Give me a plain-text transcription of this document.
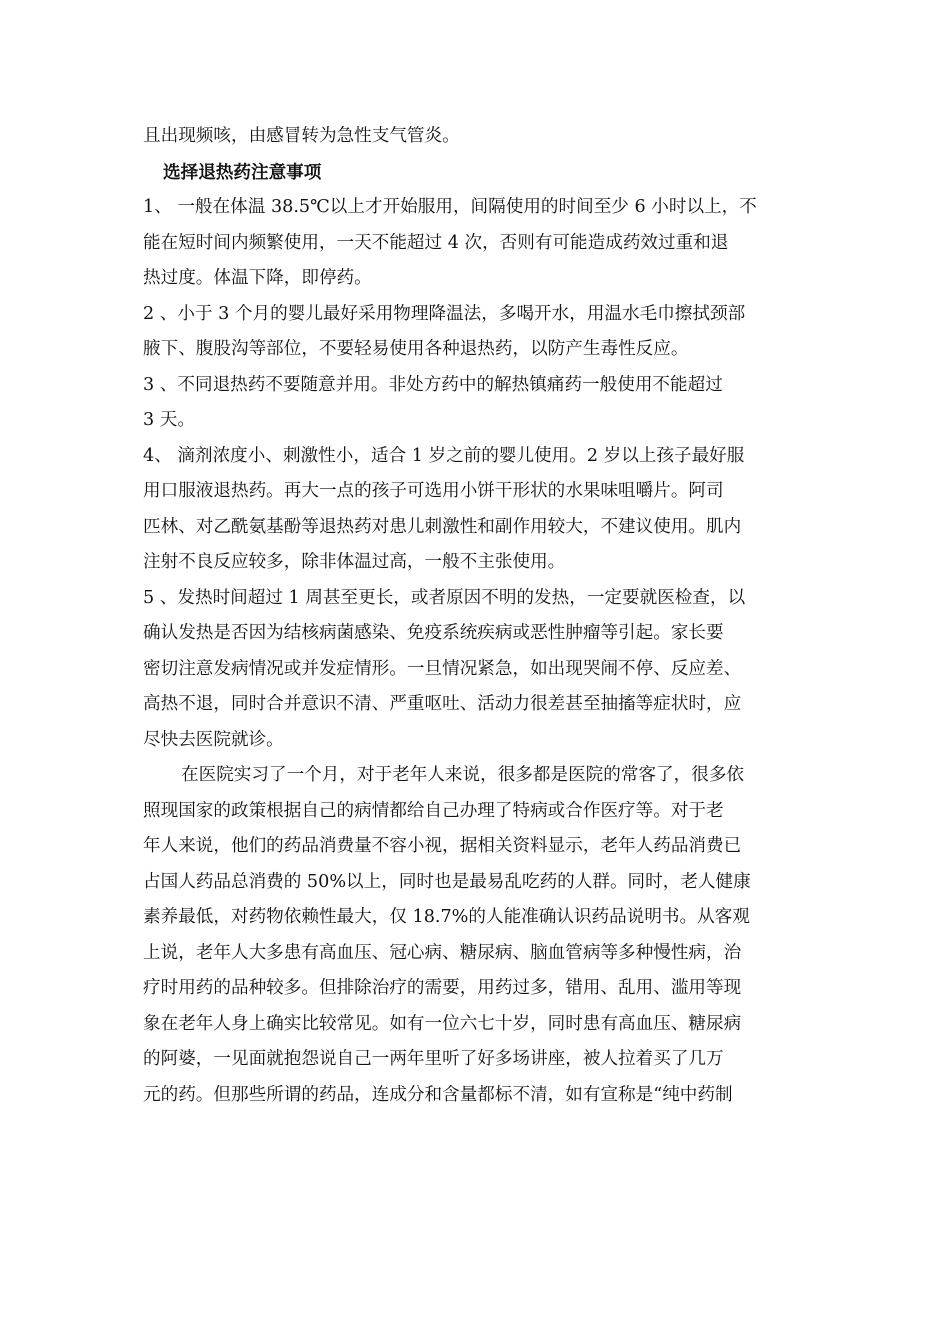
且出现频咳，由感冒转为急性支气管炎。
选择退热药注意事项
1、 一般在体温 38.5℃以上才开始服用，间隔使用的时间至少 6 小时以上，不
能在短时间内频繁使用，一天不能超过 4 次，否则有可能造成药效过重和退
热过度。体温下降，即停药。
2 、小于 3 个月的婴儿最好采用物理降温法，多喝开水，用温水毛巾擦拭颈部
腋下、腹股沟等部位，不要轻易使用各种退热药，以防产生毒性反应。
3 、不同退热药不要随意并用。非处方药中的解热镇痛药一般使用不能超过
3 天。
4、 滴剂浓度小、刺激性小，适合 1 岁之前的婴儿使用。2 岁以上孩子最好服
用口服液退热药。再大一点的孩子可选用小饼干形状的水果味咀嚼片。阿司
匹林、对乙酰氨基酚等退热药对患儿刺激性和副作用较大，不建议使用。肌内
注射不良反应较多，除非体温过高，一般不主张使用。
5 、发热时间超过 1 周甚至更长，或者原因不明的发热，一定要就医检查，以
确认发热是否因为结核病菌感染、免疫系统疾病或恶性肿瘤等引起。家长要
密切注意发病情况或并发症情形。一旦情况紧急，如出现哭闹不停、反应差、
高热不退，同时合并意识不清、严重呕吐、活动力很差甚至抽搐等症状时，应
尽快去医院就诊。
在医院实习了一个月，对于老年人来说，很多都是医院的常客了，很多依
照现国家的政策根据自己的病情都给自己办理了特病或合作医疗等。对于老
年人来说，他们的药品消费量不容小视，据相关资料显示，老年人药品消费已
占国人药品总消费的 50%以上，同时也是最易乱吃药的人群。同时，老人健康
素养最低，对药物依赖性最大，仅 18.7%的人能准确认识药品说明书。从客观
上说，老年人大多患有高血压、冠心病、糖尿病、脑血管病等多种慢性病，治
疗时用药的品种较多。但排除治疗的需要，用药过多，错用、乱用、滥用等现
象在老年人身上确实比较常见。如有一位六七十岁，同时患有高血压、糖尿病
的阿婆，一见面就抱怨说自己一两年里听了好多场讲座，被人拉着买了几万
元的药。但那些所谓的药品，连成分和含量都标不清，如有宣称是“纯中药制
